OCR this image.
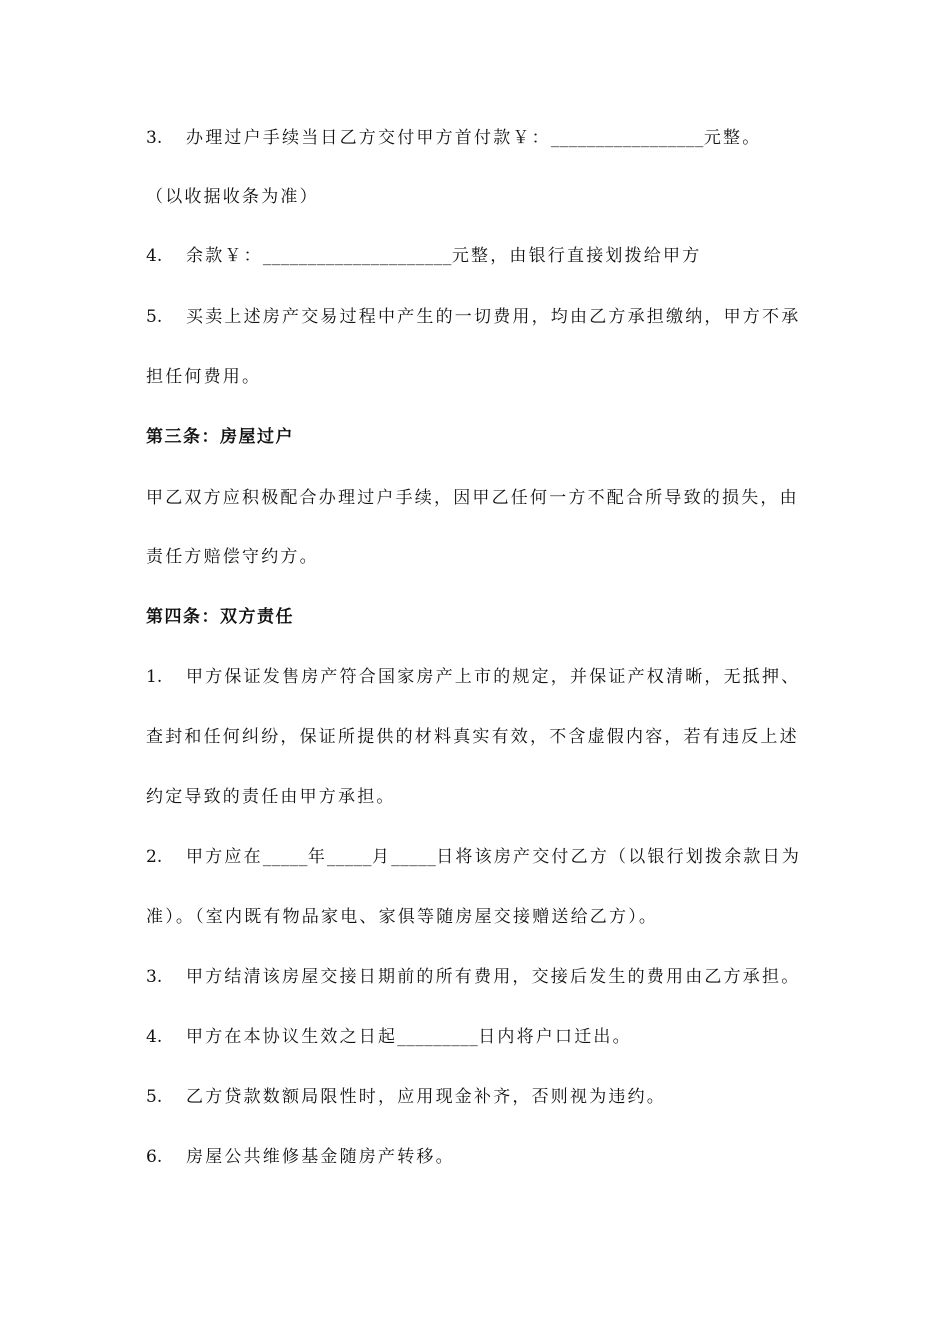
3. 办理过户手续当日乙方交付甲方首付款￥：_________________元整。
（以收据收条为准）
4. 余款￥：_____________________元整，由银行直接划拨给甲方
5. 买卖上述房产交易过程中产生的一切费用，均由乙方承担缴纳，甲方不承
担任何费用。
第三条：房屋过户
甲乙双方应积极配合办理过户手续，因甲乙任何一方不配合所导致的损失，由
责任方赔偿守约方。
第四条：双方责任
1. 甲方保证发售房产符合国家房产上市的规定，并保证产权清晰，无抵押、
查封和任何纠纷，保证所提供的材料真实有效，不含虚假内容，若有违反上述
约定导致的责任由甲方承担。
2. 甲方应在_____年_____月_____日将该房产交付乙方（以银行划拨余款日为
准）。（室内既有物品家电、家俱等随房屋交接赠送给乙方）。
3. 甲方结清该房屋交接日期前的所有费用，交接后发生的费用由乙方承担。
4. 甲方在本协议生效之日起_________日内将户口迁出。
5. 乙方贷款数额局限性时，应用现金补齐，否则视为违约。
6. 房屋公共维修基金随房产转移。
